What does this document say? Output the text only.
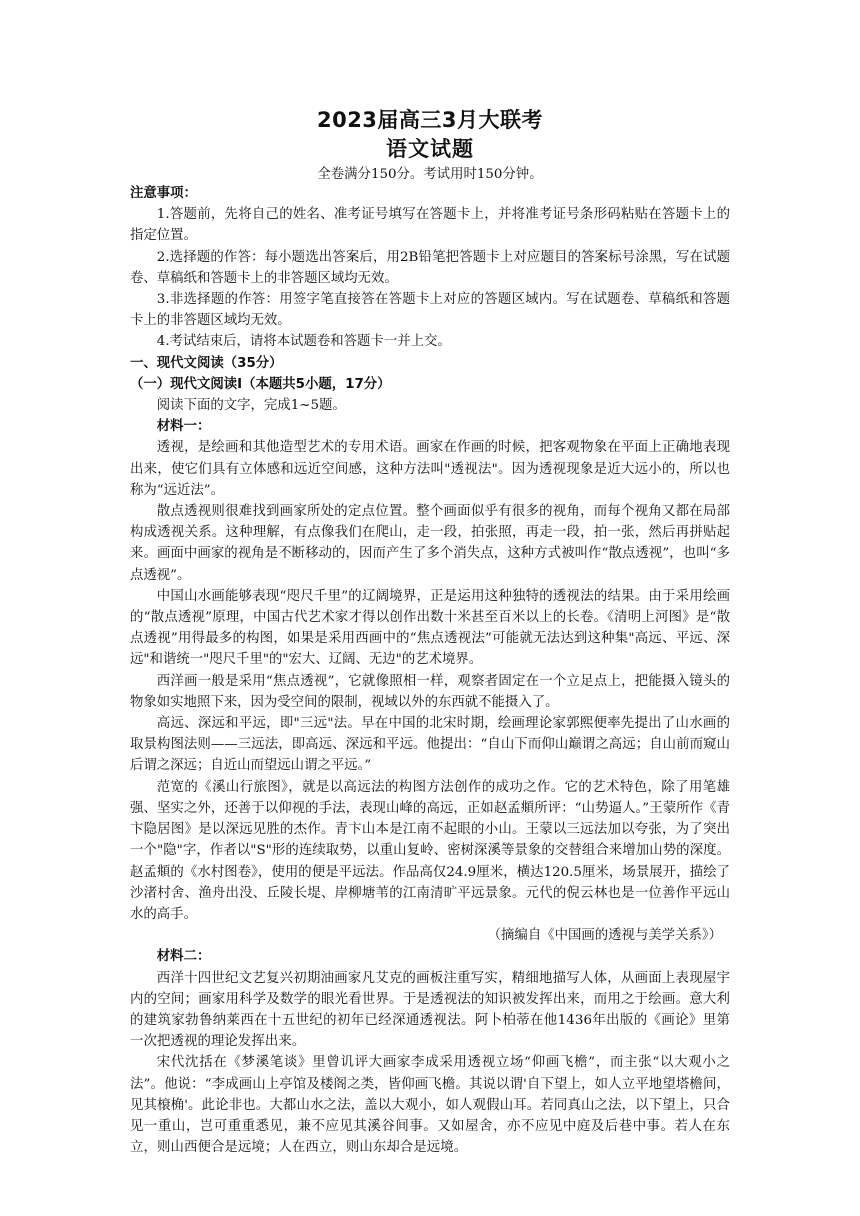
2023届高三3月大联考
语文试题
全卷满分150分。考试用时150分钟。

注意事项：

1.答题前，先将自己的姓名、准考证号填写在答题卡上，并将准考证号条形码粘贴在答题卡上的指定位置。

2.选择题的作答：每小题选出答案后，用2B铅笔把答题卡上对应题目的答案标号涂黑，写在试题卷、草稿纸和答题卡上的非答题区域均无效。

3.非选择题的作答：用签字笔直接答在答题卡上对应的答题区域内。写在试题卷、草稿纸和答题卡上的非答题区域均无效。

4.考试结束后，请将本试题卷和答题卡一并上交。

一、现代文阅读（35分）

（一）现代文阅读Ⅰ（本题共5小题，17分）

阅读下面的文字，完成1~5题。

材料一：

透视，是绘画和其他造型艺术的专用术语。画家在作画的时候，把客观物象在平面上正确地表现出来，使它们具有立体感和远近空间感，这种方法叫"透视法"。因为透视现象是近大远小的，所以也称为“远近法”。

散点透视则很难找到画家所处的定点位置。整个画面似乎有很多的视角，而每个视角又都在局部构成透视关系。这种理解，有点像我们在爬山，走一段，拍张照，再走一段，拍一张，然后再拼贴起来。画面中画家的视角是不断移动的，因而产生了多个消失点，这种方式被叫作“散点透视”，也叫“多点透视”。

中国山水画能够表现“咫尺千里”的辽阔境界，正是运用这种独特的透视法的结果。由于采用绘画的“散点透视”原理，中国古代艺术家才得以创作出数十米甚至百米以上的长卷。《清明上河图》是“散点透视”用得最多的构图，如果是采用西画中的“焦点透视法”可能就无法达到这种集"高远、平远、深远"和谐统一"咫尺千里"的"宏大、辽阔、无边"的艺术境界。

西洋画一般是采用“焦点透视”，它就像照相一样，观察者固定在一个立足点上，把能摄入镜头的物象如实地照下来，因为受空间的限制，视域以外的东西就不能摄入了。

高远、深远和平远，即"三远"法。早在中国的北宋时期，绘画理论家郭熙便率先提出了山水画的取景构图法则——三远法，即高远、深远和平远。他提出：“自山下而仰山巅谓之高远；自山前而窥山后谓之深远；自近山而望远山谓之平远。”

范宽的《溪山行旅图》，就是以高远法的构图方法创作的成功之作。它的艺术特色，除了用笔雄强、坚实之外，还善于以仰视的手法，表现山峰的高远，正如赵孟頫所评：“山势逼人。”王蒙所作《青卞隐居图》是以深远见胜的杰作。青卞山本是江南不起眼的小山。王蒙以三远法加以夸张，为了突出一个"隐"字，作者以"S"形的连续取势，以重山复岭、密树深溪等景象的交替组合来增加山势的深度。赵孟頫的《水村图卷》，使用的便是平远法。作品高仅24.9厘米，横达120.5厘米，场景展开，描绘了沙渚村舍、渔舟出没、丘陵长堤、岸柳塘苇的江南清旷平远景象。元代的倪云林也是一位善作平远山水的高手。

（摘编自《中国画的透视与美学关系》）

材料二：

西洋十四世纪文艺复兴初期油画家凡艾克的画板注重写实，精细地描写人体，从画面上表现屋宇内的空间；画家用科学及数学的眼光看世界。于是透视法的知识被发挥出来，而用之于绘画。意大利的建筑家勃鲁纳莱西在十五世纪的初年已经深通透视法。阿卜柏蒂在他1436年出版的《画论》里第一次把透视的理论发挥出来。

宋代沈括在《梦溪笔谈》里曾讥评大画家李成采用透视立场“仰画飞檐”，而主张“以大观小之法”。他说：“李成画山上亭馆及楼阁之类，皆仰画飞檐。其说以谓'自下望上，如人立平地望塔檐间，见其榱桷'。此论非也。大都山水之法，盖以大观小，如人观假山耳。若同真山之法，以下望上，只合见一重山，岂可重重悉见，兼不应见其溪谷间事。又如屋舍，亦不应见中庭及后巷中事。若人在东立，则山西便合是远境；人在西立，则山东却合是远境。
